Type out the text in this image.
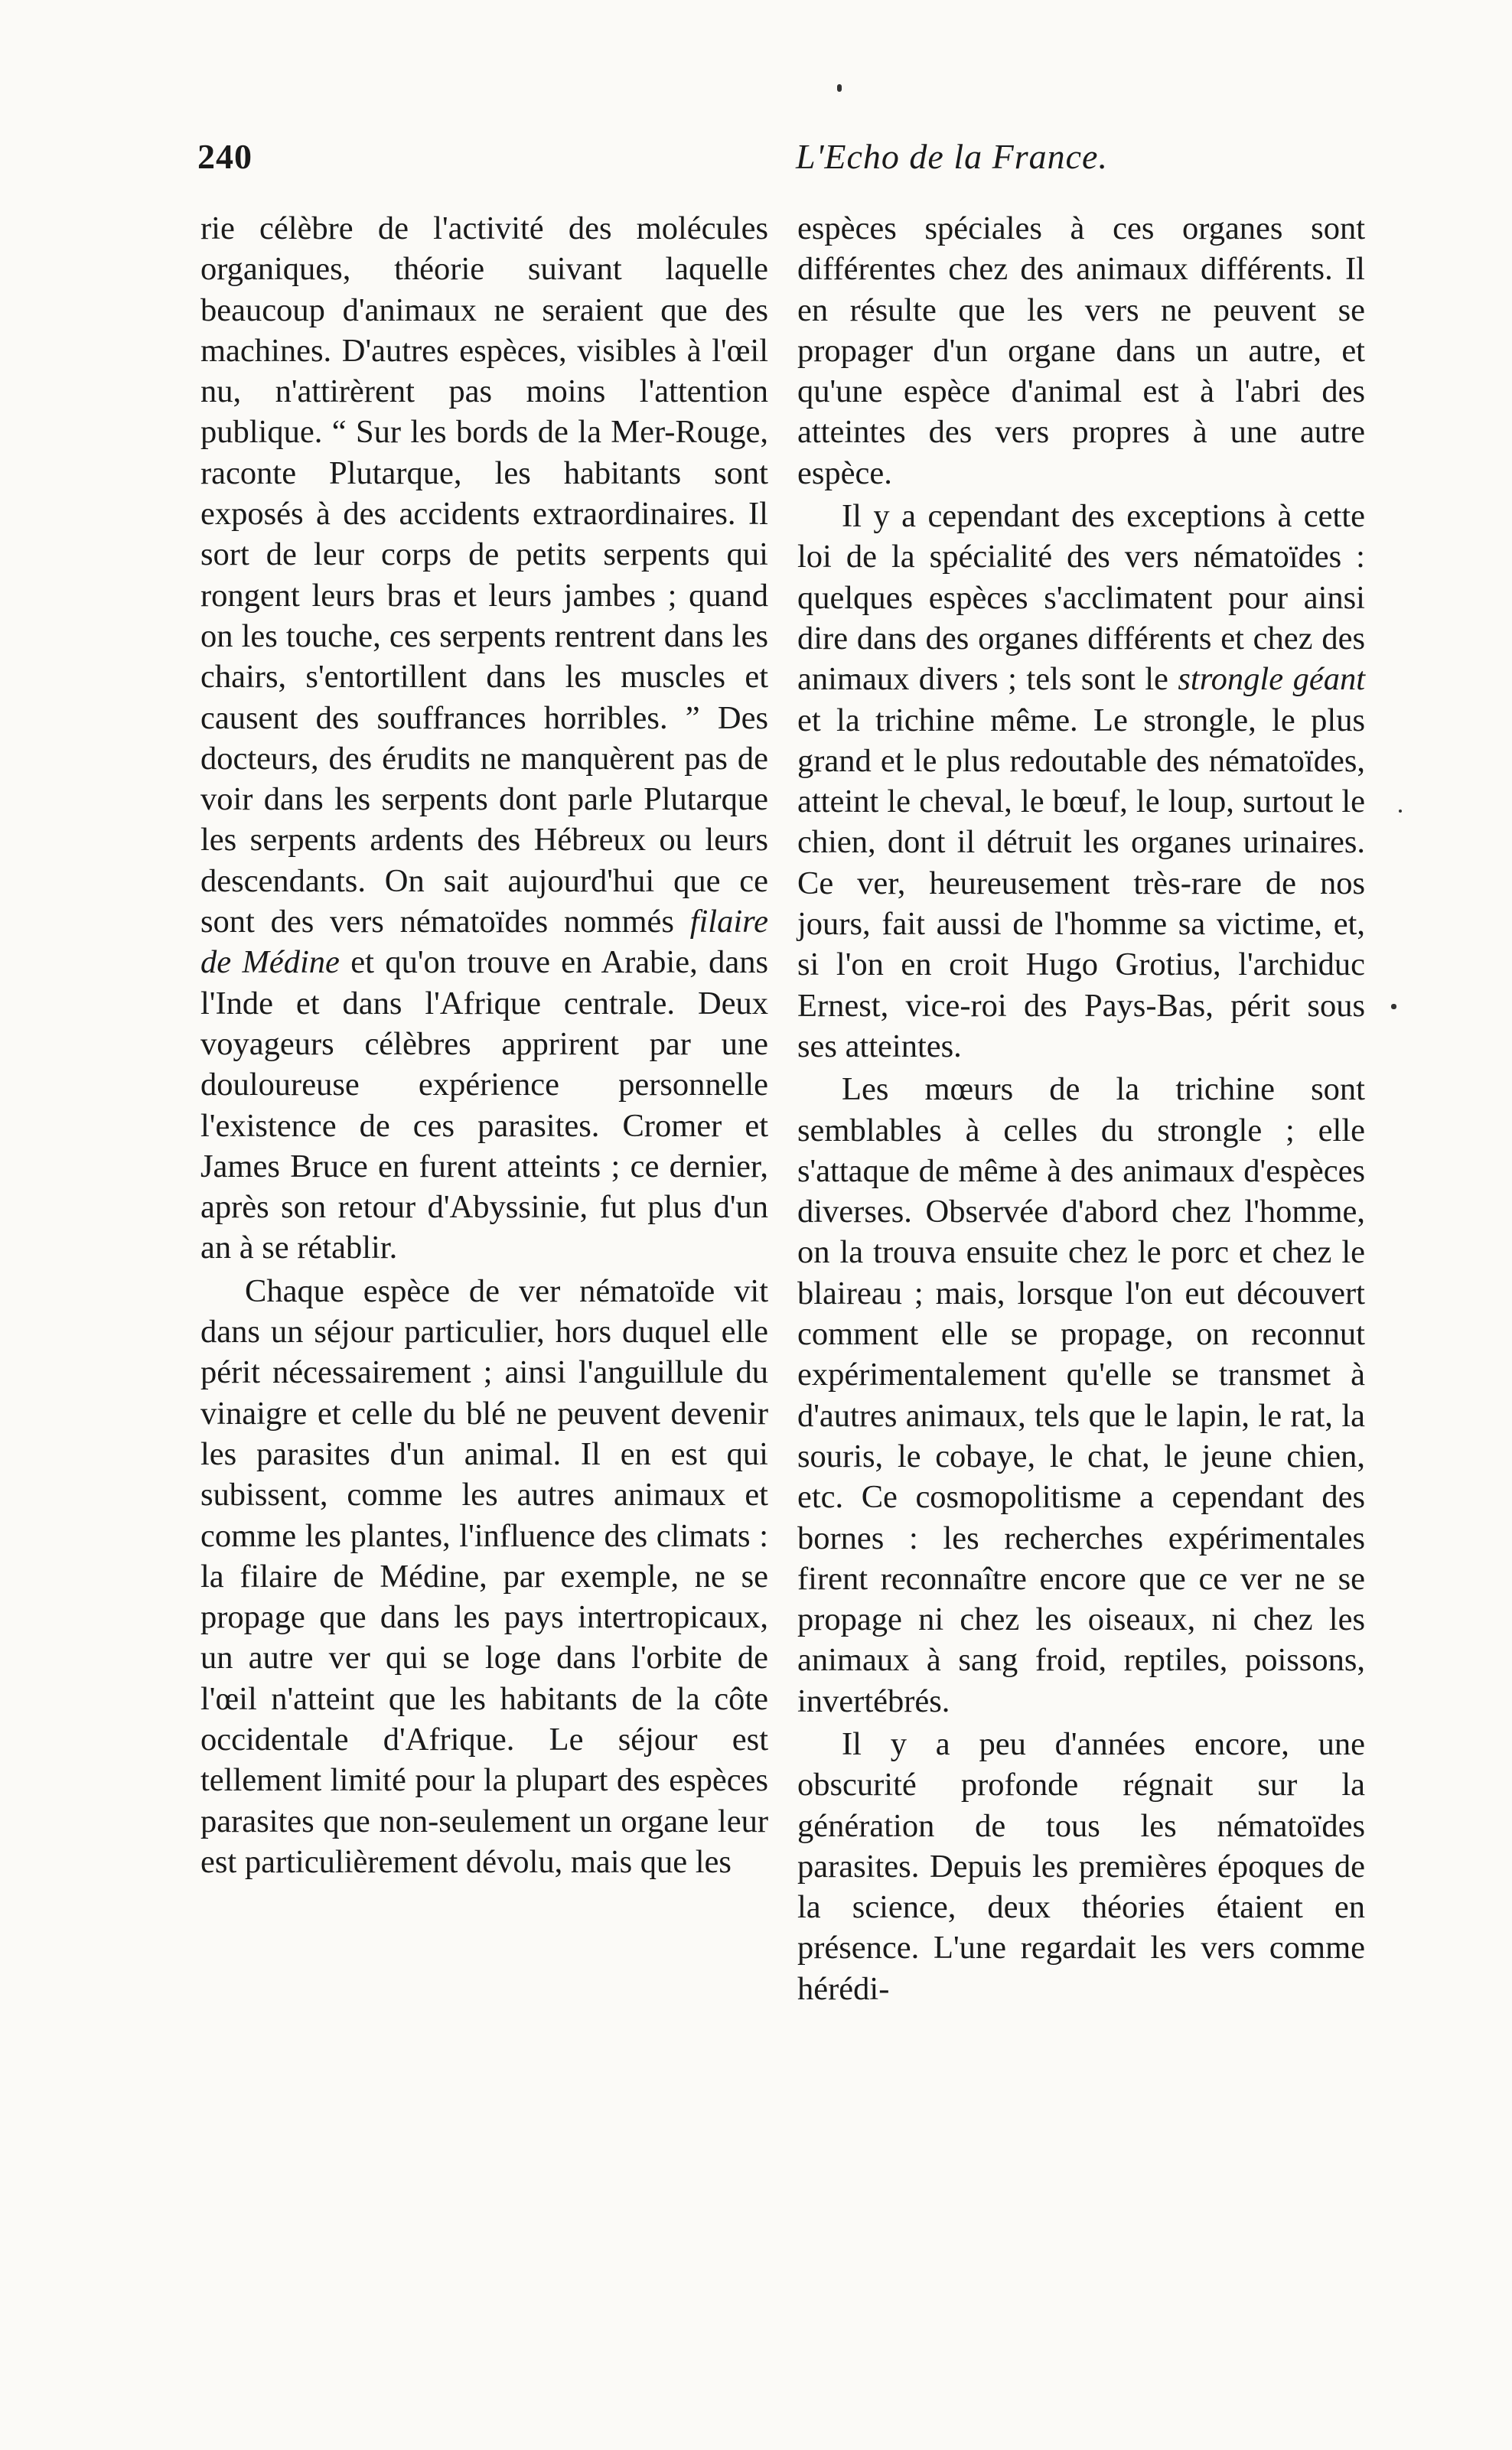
240	L'Echo de la France.

rie célèbre de l'activité des molécules organiques, théorie suivant laquelle beaucoup d'animaux ne seraient que des machines. D'autres espèces, visibles à l'œil nu, n'attirèrent pas moins l'attention publique. “ Sur les bords de la Mer-Rouge, raconte Plutarque, les habitants sont exposés à des accidents extraordinaires. Il sort de leur corps de petits serpents qui rongent leurs bras et leurs jambes ; quand on les touche, ces serpents rentrent dans les chairs, s'entortillent dans les muscles et causent des souffrances horribles. ” Des docteurs, des érudits ne manquèrent pas de voir dans les serpents dont parle Plutarque les serpents ardents des Hébreux ou leurs descendants. On sait aujourd'hui que ce sont des vers nématoïdes nommés filaire de Médine et qu'on trouve en Arabie, dans l'Inde et dans l'Afrique centrale. Deux voyageurs célèbres apprirent par une douloureuse expérience personnelle l'existence de ces parasites. Cromer et James Bruce en furent atteints ; ce dernier, après son retour d'Abyssinie, fut plus d'un an à se rétablir.

Chaque espèce de ver nématoïde vit dans un séjour particulier, hors duquel elle périt nécessairement ; ainsi l'anguillule du vinaigre et celle du blé ne peuvent devenir les parasites d'un animal. Il en est qui subissent, comme les autres animaux et comme les plantes, l'influence des climats : la filaire de Médine, par exemple, ne se propage que dans les pays intertropicaux, un autre ver qui se loge dans l'orbite de l'œil n'atteint que les habitants de la côte occidentale d'Afrique. Le séjour est tellement limité pour la plupart des espèces parasites que non-seulement un organe leur est particulièrement dévolu, mais que les

espèces spéciales à ces organes sont différentes chez des animaux différents. Il en résulte que les vers ne peuvent se propager d'un organe dans un autre, et qu'une espèce d'animal est à l'abri des atteintes des vers propres à une autre espèce.

Il y a cependant des exceptions à cette loi de la spécialité des vers nématoïdes : quelques espèces s'acclimatent pour ainsi dire dans des organes différents et chez des animaux divers ; tels sont le strongle géant et la trichine même. Le strongle, le plus grand et le plus redoutable des nématoïdes, atteint le cheval, le bœuf, le loup, surtout le chien, dont il détruit les organes urinaires. Ce ver, heureusement très-rare de nos jours, fait aussi de l'homme sa victime, et, si l'on en croit Hugo Grotius, l'archiduc Ernest, vice-roi des Pays-Bas, périt sous ses atteintes.

Les mœurs de la trichine sont semblables à celles du strongle ; elle s'attaque de même à des animaux d'espèces diverses. Observée d'abord chez l'homme, on la trouva ensuite chez le porc et chez le blaireau ; mais, lorsque l'on eut découvert comment elle se propage, on reconnut expérimentalement qu'elle se transmet à d'autres animaux, tels que le lapin, le rat, la souris, le cobaye, le chat, le jeune chien, etc. Ce cosmopolitisme a cependant des bornes : les recherches expérimentales firent reconnaître encore que ce ver ne se propage ni chez les oiseaux, ni chez les animaux à sang froid, reptiles, poissons, invertébrés.

Il y a peu d'années encore, une obscurité profonde régnait sur la génération de tous les nématoïdes parasites. Depuis les premières époques de la science, deux théories étaient en présence. L'une regardait les vers comme hérédi-
